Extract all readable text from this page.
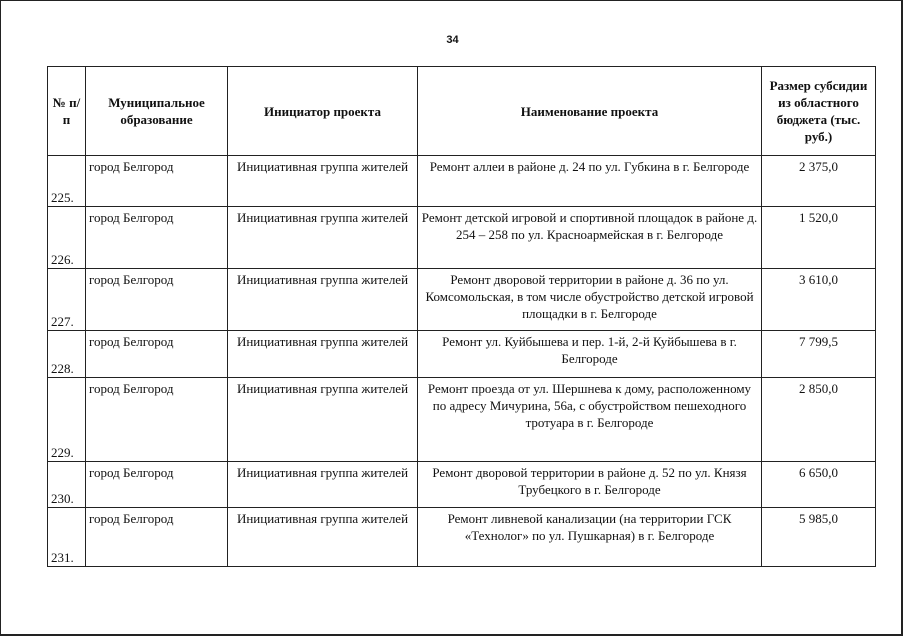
34
№ п/п	Муниципальное образование	Инициатор проекта	Наименование проекта	Размер субсидии из областного бюджета (тыс. руб.)
225.	город Белгород	Инициативная группа жителей	Ремонт аллеи в районе д. 24 по ул. Губкина в г. Белгороде	2 375,0
226.	город Белгород	Инициативная группа жителей	Ремонт детской игровой и спортивной площадок в районе д. 254 – 258 по ул. Красноармейская в г. Белгороде	1 520,0
227.	город Белгород	Инициативная группа жителей	Ремонт дворовой территории в районе д. 36 по ул. Комсомольская, в том числе обустройство детской игровой площадки в г. Белгороде	3 610,0
228.	город Белгород	Инициативная группа жителей	Ремонт ул. Куйбышева и пер. 1-й, 2-й Куйбышева в г. Белгороде	7 799,5
229.	город Белгород	Инициативная группа жителей	Ремонт проезда от ул. Шершнева к дому, расположенному по адресу Мичурина, 56а, с обустройством пешеходного тротуара в г. Белгороде	2 850,0
230.	город Белгород	Инициативная группа жителей	Ремонт дворовой территории в районе д. 52 по ул. Князя Трубецкого в г. Белгороде	6 650,0
231.	город Белгород	Инициативная группа жителей	Ремонт ливневой канализации (на территории ГСК «Технолог» по ул. Пушкарная) в г. Белгороде	5 985,0
